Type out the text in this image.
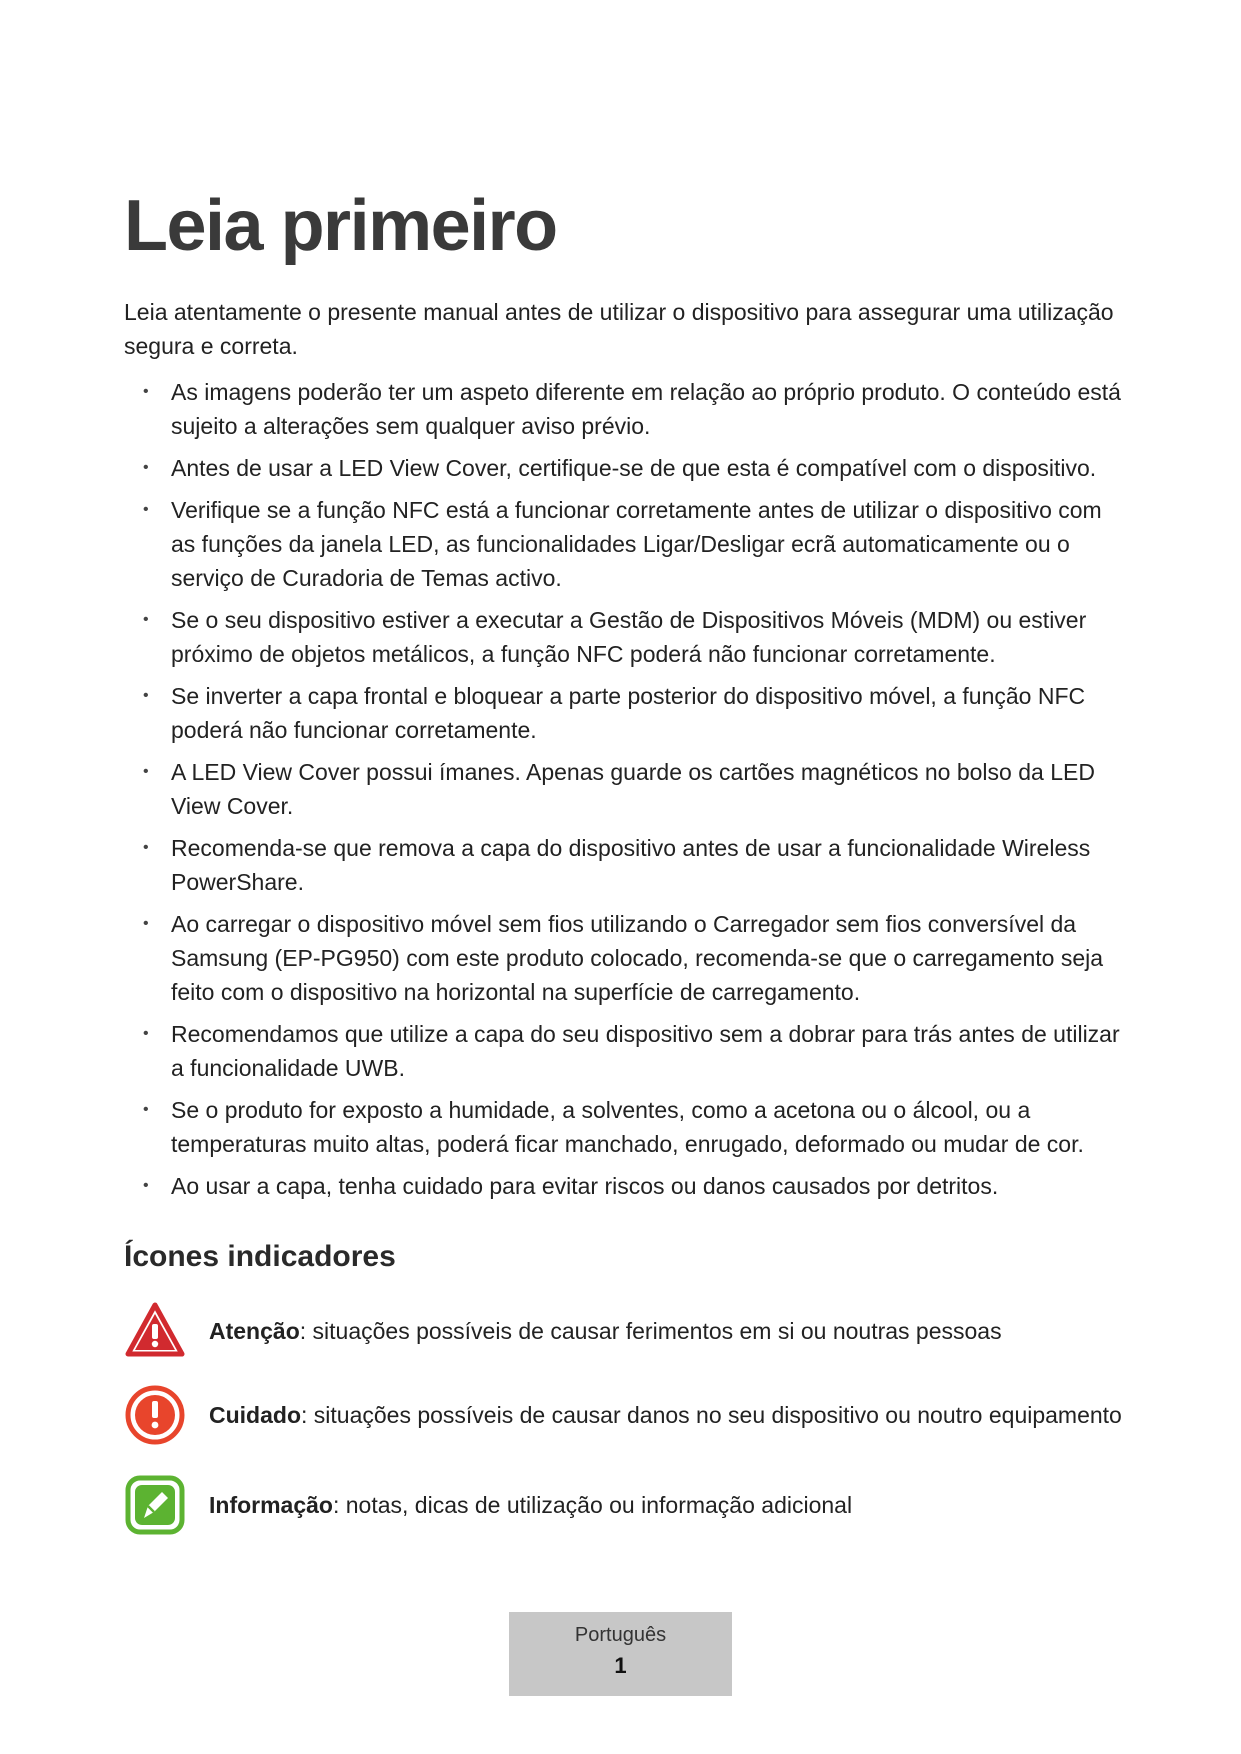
Leia primeiro

Leia atentamente o presente manual antes de utilizar o dispositivo para assegurar uma utilização segura e correta.

• As imagens poderão ter um aspeto diferente em relação ao próprio produto. O conteúdo está sujeito a alterações sem qualquer aviso prévio.
• Antes de usar a LED View Cover, certifique-se de que esta é compatível com o dispositivo.
• Verifique se a função NFC está a funcionar corretamente antes de utilizar o dispositivo com as funções da janela LED, as funcionalidades Ligar/Desligar ecrã automaticamente ou o serviço de Curadoria de Temas activo.
• Se o seu dispositivo estiver a executar a Gestão de Dispositivos Móveis (MDM) ou estiver próximo de objetos metálicos, a função NFC poderá não funcionar corretamente.
• Se inverter a capa frontal e bloquear a parte posterior do dispositivo móvel, a função NFC poderá não funcionar corretamente.
• A LED View Cover possui ímanes. Apenas guarde os cartões magnéticos no bolso da LED View Cover.
• Recomenda-se que remova a capa do dispositivo antes de usar a funcionalidade Wireless PowerShare.
• Ao carregar o dispositivo móvel sem fios utilizando o Carregador sem fios conversível da Samsung (EP-PG950) com este produto colocado, recomenda-se que o carregamento seja feito com o dispositivo na horizontal na superfície de carregamento.
• Recomendamos que utilize a capa do seu dispositivo sem a dobrar para trás antes de utilizar a funcionalidade UWB.
• Se o produto for exposto a humidade, a solventes, como a acetona ou o álcool, ou a temperaturas muito altas, poderá ficar manchado, enrugado, deformado ou mudar de cor.
• Ao usar a capa, tenha cuidado para evitar riscos ou danos causados por detritos.
Ícones indicadores
Atenção: situações possíveis de causar ferimentos em si ou noutras pessoas
Cuidado: situações possíveis de causar danos no seu dispositivo ou noutro equipamento
Informação: notas, dicas de utilização ou informação adicional
Português
1
